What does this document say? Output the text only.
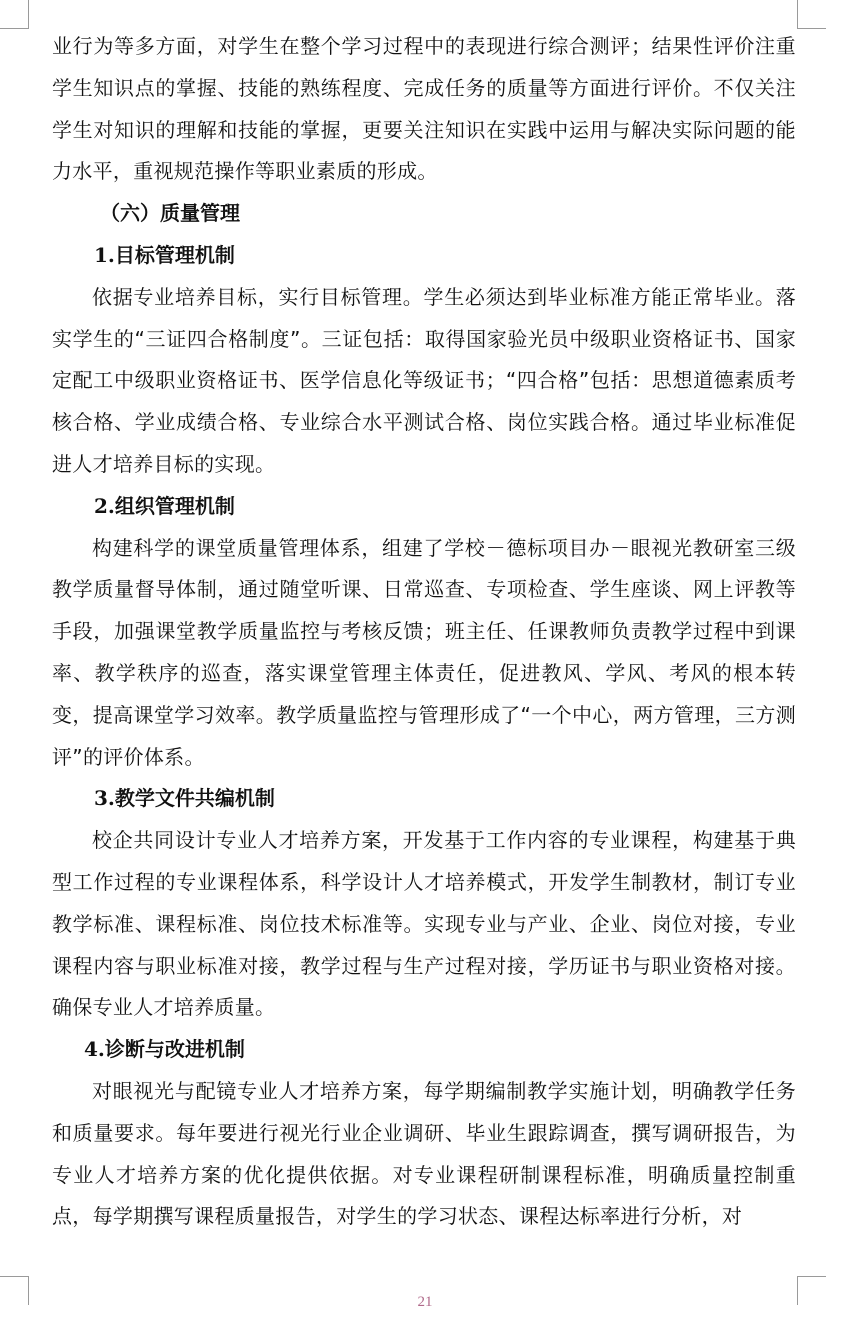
业行为等多方面，对学生在整个学习过程中的表现进行综合测评；结果性评价注重学生知识点的掌握、技能的熟练程度、完成任务的质量等方面进行评价。不仅关注学生对知识的理解和技能的掌握，更要关注知识在实践中运用与解决实际问题的能力水平，重视规范操作等职业素质的形成。

（六）质量管理

1.目标管理机制

依据专业培养目标，实行目标管理。学生必须达到毕业标准方能正常毕业。落实学生的“三证四合格制度”。三证包括：取得国家验光员中级职业资格证书、国家定配工中级职业资格证书、医学信息化等级证书；“四合格”包括：思想道德素质考核合格、学业成绩合格、专业综合水平测试合格、岗位实践合格。通过毕业标准促进人才培养目标的实现。

2.组织管理机制

构建科学的课堂质量管理体系，组建了学校－德标项目办－眼视光教研室三级教学质量督导体制，通过随堂听课、日常巡查、专项检查、学生座谈、网上评教等手段，加强课堂教学质量监控与考核反馈；班主任、任课教师负责教学过程中到课率、教学秩序的巡查，落实课堂管理主体责任，促进教风、学风、考风的根本转变，提高课堂学习效率。教学质量监控与管理形成了“一个中心，两方管理，三方测评”的评价体系。

3.教学文件共编机制

校企共同设计专业人才培养方案，开发基于工作内容的专业课程，构建基于典型工作过程的专业课程体系，科学设计人才培养模式，开发学生制教材，制订专业教学标准、课程标准、岗位技术标准等。实现专业与产业、企业、岗位对接，专业课程内容与职业标准对接，教学过程与生产过程对接，学历证书与职业资格对接。确保专业人才培养质量。

4.诊断与改进机制

对眼视光与配镜专业人才培养方案，每学期编制教学实施计划，明确教学任务和质量要求。每年要进行视光行业企业调研、毕业生跟踪调查，撰写调研报告，为专业人才培养方案的优化提供依据。对专业课程研制课程标准，明确质量控制重点，每学期撰写课程质量报告，对学生的学习状态、课程达标率进行分析，对

21
